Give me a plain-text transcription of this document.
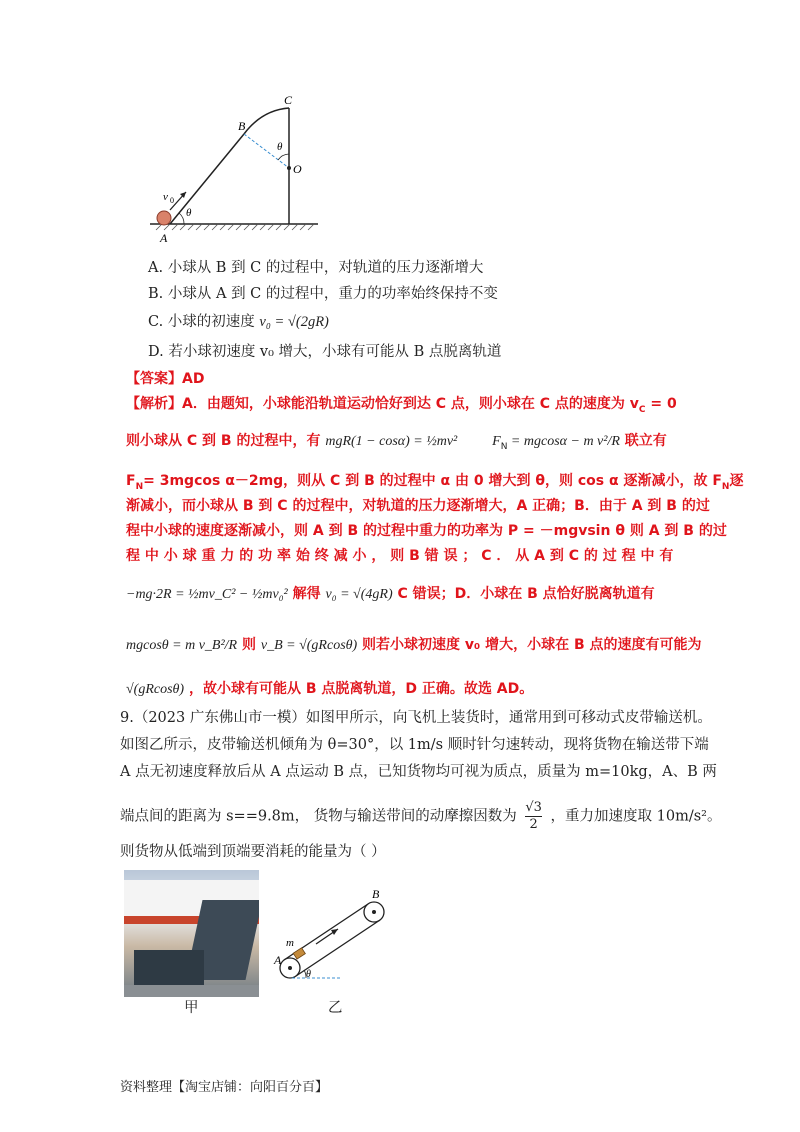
B
C
O
θ
θ
A
v 0
A. 小球从 B 到 C 的过程中，对轨道的压力逐渐增大
B. 小球从 A 到 C 的过程中，重力的功率始终保持不变
C. 小球的初速度 v₀ = √(2gR)
D. 若小球初速度 v₀ 增大，小球有可能从 B 点脱离轨道
【答案】AD
【解析】A．由题知，小球能沿轨道运动恰好到达 C 点，则小球在 C 点的速度为 $v_C = 0$
则小球从 C 到 B 的过程中，有 mgR(1 − cosα) = ½mv² $F_N = mgcos\alpha - m$ v²/R 联立有
$F_N= 3mgcos$ α－2mg，则从 C 到 B 的过程中 α 由 0 增大到 θ，则 cos α 逐渐减小，故 $F_N$逐
渐减小，而小球从 B 到 C 的过程中，对轨道的压力逐渐增大，A 正确；B．由于 A 到 B 的过
程中小球的速度逐渐减小，则 A 到 B 的过程中重力的功率为 P = －mgvsin θ 则 A 到 B 的过
程 中 小 球 重 力 的 功 率 始 终 减 小 ， 则 B 错 误 ； C ． 从 A 到 C 的 过 程 中 有
−mg·2R = ½mv_C² − ½mv₀² 解得 v₀ = √(4gR) C 错误；D．小球在 B 点恰好脱离轨道有
mgcosθ = m v_B²/R 则 v_B = √(gRcosθ) 则若小球初速度 v₀ 增大，小球在 B 点的速度有可能为
√(gRcosθ) ，故小球有可能从 B 点脱离轨道，D 正确。故选 AD。
9.（2023 广东佛山市一模）如图甲所示，向飞机上装货时，通常用到可移动式皮带输送机。
如图乙所示，皮带输送机倾角为 θ=30°，以 1m/s 顺时针匀速转动，现将货物在输送带下端
A 点无初速度释放后从 A 点运动 B 点，已知货物均可视为质点，质量为 m=10kg，A、B 两
端点间的距离为 s==9.8m， 货物与输送带间的动摩擦因数为 $\frac{√3}{2}$ ，重力加速度取 10m/s²。
则货物从低端到顶端要消耗的能量为（ ）
甲
A
B
m
θ
乙
资料整理【淘宝店铺：向阳百分百】
